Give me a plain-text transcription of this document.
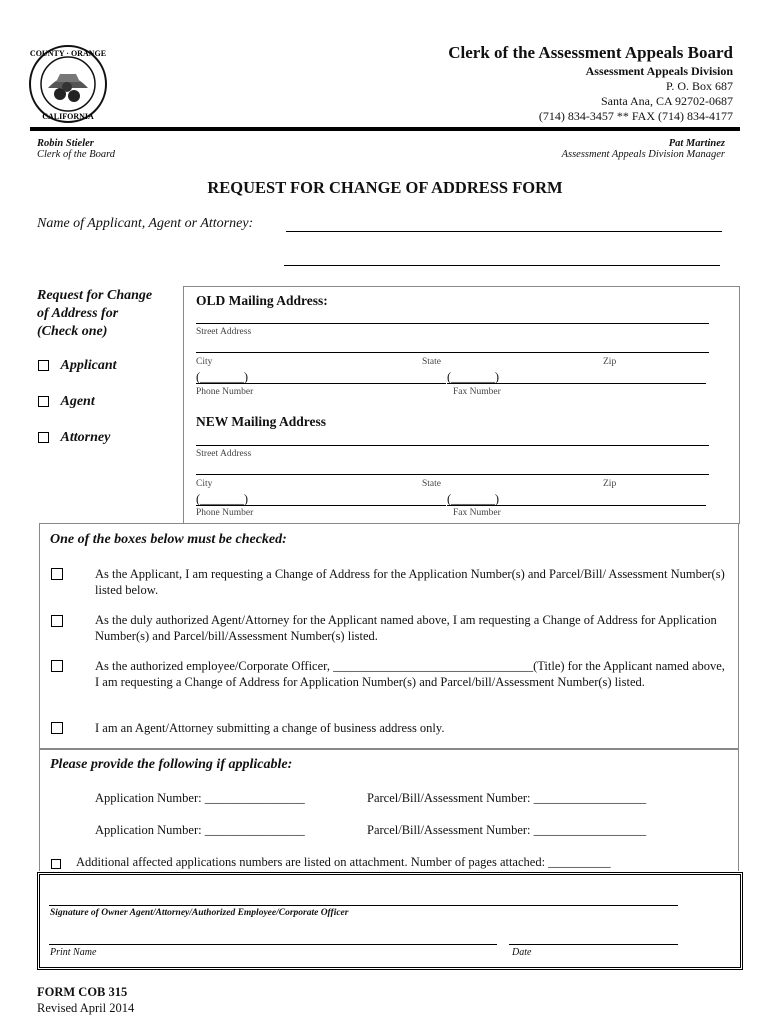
COUNTY · ORANGE
CALIFORNIA
Clerk of the Assessment Appeals Board
Assessment Appeals Division
P. O. Box 687
Santa Ana, CA 92702-0687
(714) 834-3457 ** FAX (714) 834-4177
Robin Stieler
Clerk of the Board
Pat Martinez
Assessment Appeals Division Manager
REQUEST FOR CHANGE OF ADDRESS FORM
Name of Applicant, Agent or Attorney:
Request for Change
of Address for
(Check one)
Applicant
Agent
Attorney
OLD Mailing Address:
Street Address
City	State	Zip
(_______)	(_______)
Phone Number	Fax Number
NEW Mailing Address
Street Address
City	State	Zip
(_______)	(_______)
Phone Number	Fax Number
One of the boxes below must be checked:
As the Applicant, I am requesting a Change of Address for the Application Number(s) and Parcel/Bill/ Assessment Number(s) listed below.
As the duly authorized Agent/Attorney for the Applicant named above, I am requesting a Change of Address for Application Number(s) and Parcel/bill/Assessment Number(s) listed.
As the authorized employee/Corporate Officer, ________________________________(Title) for the Applicant named above, I am requesting a Change of Address for Application Number(s) and Parcel/bill/Assessment Number(s) listed.
I am an Agent/Attorney submitting a change of business address only.
Please provide the following if applicable:
Application Number: ________________	Parcel/Bill/Assessment Number: __________________
Application Number: ________________	Parcel/Bill/Assessment Number: __________________
Additional affected applications numbers are listed on attachment. Number of pages attached: __________
Signature of Owner Agent/Attorney/Authorized Employee/Corporate Officer
Print Name	Date
FORM COB 315
Revised April 2014
